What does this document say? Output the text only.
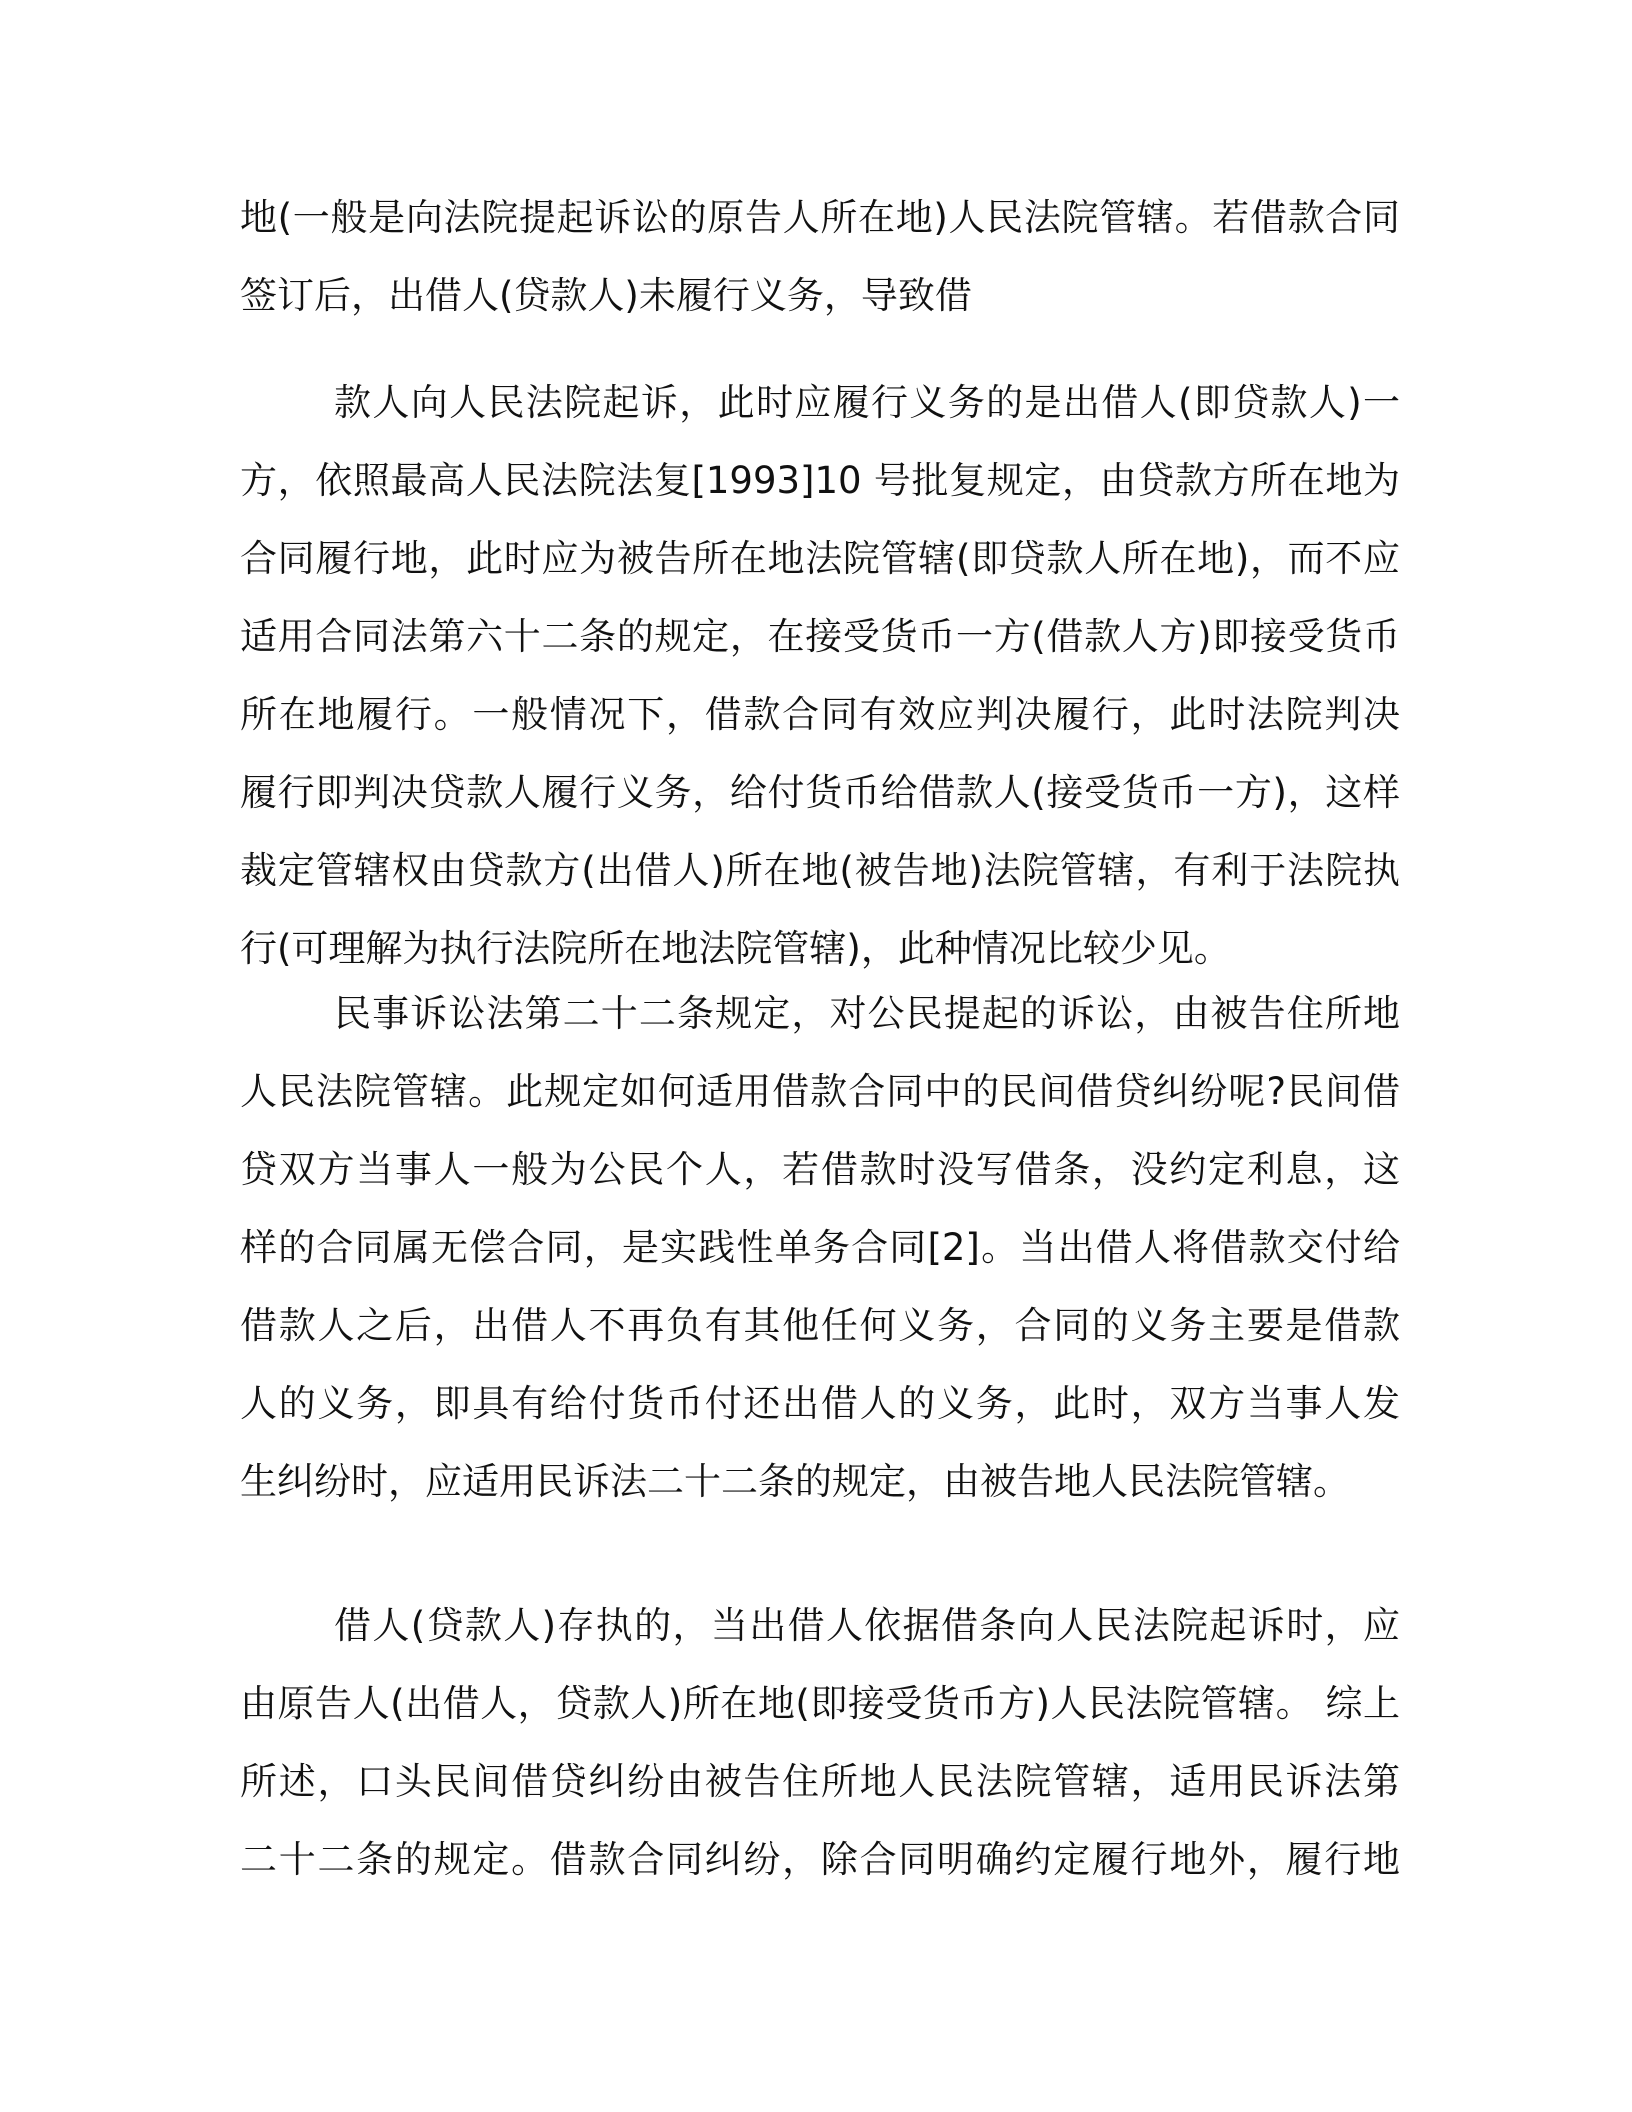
地(一般是向法院提起诉讼的原告人所在地)人民法院管辖。若借款合同
签订后，出借人(贷款人)未履行义务，导致借
款人向人民法院起诉，此时应履行义务的是出借人(即贷款人)一
方，依照最高人民法院法复[1993]10 号批复规定，由贷款方所在地为
合同履行地，此时应为被告所在地法院管辖(即贷款人所在地)，而不应
适用合同法第六十二条的规定，在接受货币一方(借款人方)即接受货币
所在地履行。一般情况下，借款合同有效应判决履行，此时法院判决
履行即判决贷款人履行义务，给付货币给借款人(接受货币一方)，这样
裁定管辖权由贷款方(出借人)所在地(被告地)法院管辖，有利于法院执
行(可理解为执行法院所在地法院管辖)，此种情况比较少见。
民事诉讼法第二十二条规定，对公民提起的诉讼，由被告住所地
人民法院管辖。此规定如何适用借款合同中的民间借贷纠纷呢?民间借
贷双方当事人一般为公民个人，若借款时没写借条，没约定利息，这
样的合同属无偿合同，是实践性单务合同[2]。当出借人将借款交付给
借款人之后，出借人不再负有其他任何义务，合同的义务主要是借款
人的义务，即具有给付货币付还出借人的义务，此时，双方当事人发
生纠纷时，应适用民诉法二十二条的规定，由被告地人民法院管辖。
借人(贷款人)存执的，当出借人依据借条向人民法院起诉时，应
由原告人(出借人，贷款人)所在地(即接受货币方)人民法院管辖。 综上
所述，口头民间借贷纠纷由被告住所地人民法院管辖，适用民诉法第
二十二条的规定。借款合同纠纷，除合同明确约定履行地外，履行地
